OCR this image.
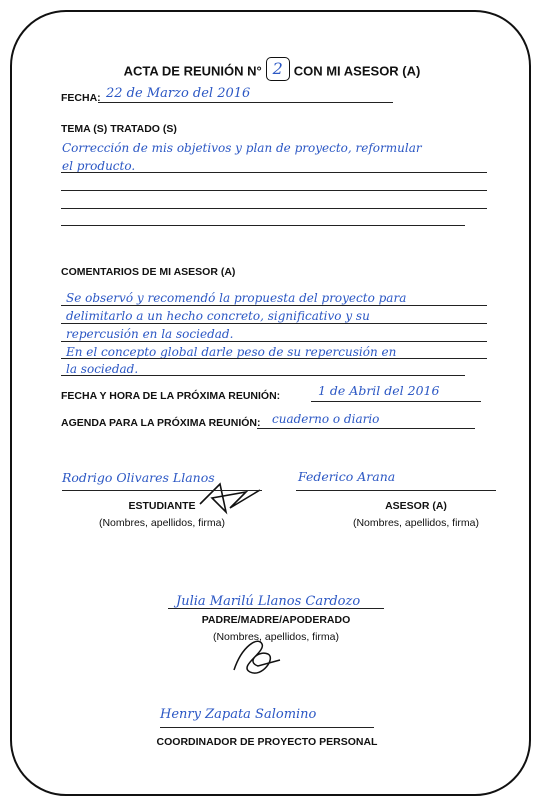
ACTA DE REUNIÓN N° 2 CON MI ASESOR (A)
FECHA: 22 de Marzo del 2016
TEMA (S) TRATADO (S)
Corrección de mis objetivos y plan de proyecto, reformular
el producto.
COMENTARIOS DE MI ASESOR (A)
Se observó y recomendó la propuesta del proyecto para
delimitarlo a un hecho concreto, significativo y su
repercusión en la sociedad.
En el concepto global darle peso de su repercusión en
la sociedad.
FECHA Y HORA DE LA PRÓXIMA REUNIÓN:	1 de Abril del 2016
AGENDA PARA LA PRÓXIMA REUNIÓN: cuaderno o diario
Rodrigo Olivares Llanos
ESTUDIANTE
(Nombres, apellidos, firma)
Federico Arana
ASESOR (A)
(Nombres, apellidos, firma)
Julia Marilú Llanos Cardozo
PADRE/MADRE/APODERADO
(Nombres, apellidos, firma)
Henry Zapata Salomino
COORDINADOR DE PROYECTO PERSONAL
